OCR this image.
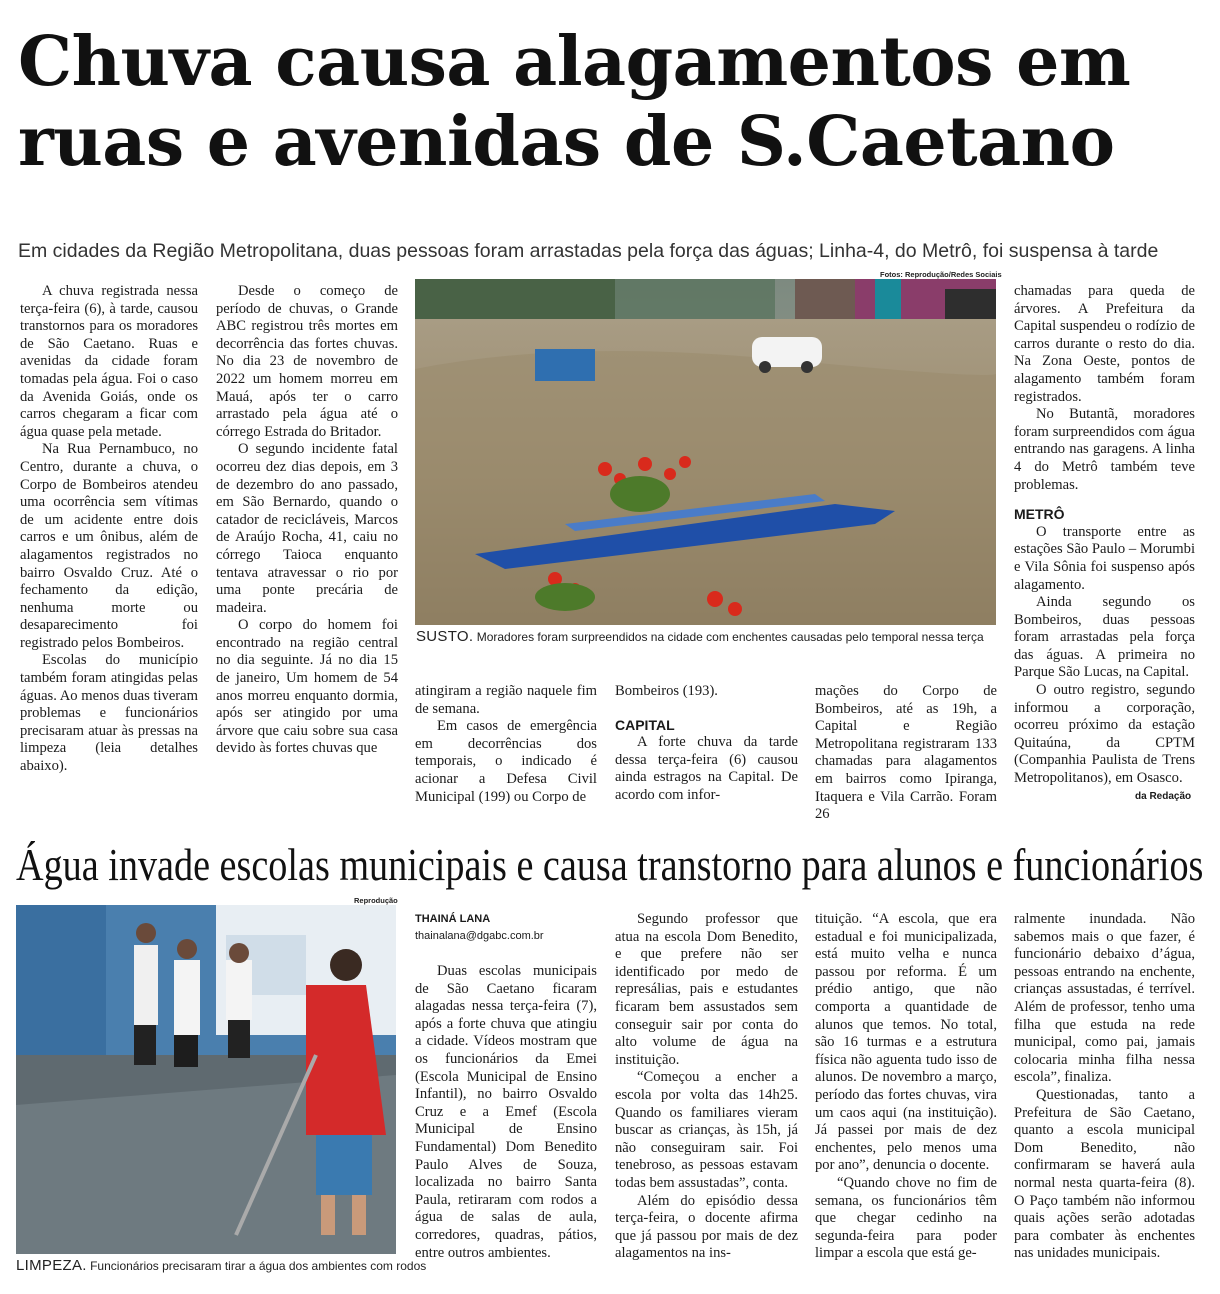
Chuva causa alagamentos em
ruas e avenidas de S.Caetano
Em cidades da Região Metropolitana, duas pessoas foram arrastadas pela força das águas; Linha-4, do Metrô, foi suspensa à tarde

A chuva registrada nessa terça-feira (6), à tarde, causou transtornos para os moradores de São Caetano. Ruas e avenidas da cidade foram tomadas pela água. Foi o caso da Avenida Goiás, onde os carros chegaram a ficar com água quase pela metade.

Na Rua Pernambuco, no Centro, durante a chuva, o Corpo de Bombeiros atendeu uma ocorrência sem vítimas de um acidente entre dois carros e um ônibus, além de alagamentos registrados no bairro Osvaldo Cruz. Até o fechamento da edição, nenhuma morte ou desaparecimento foi registrado pelos Bombeiros.

Escolas do município também foram atingidas pelas águas. Ao menos duas tiveram problemas e funcionários precisaram atuar às pressas na limpeza (leia detalhes abaixo).

Desde o começo de período de chuvas, o Grande ABC registrou três mortes em decorrência das fortes chuvas. No dia 23 de novembro de 2022 um homem morreu em Mauá, após ter o carro arrastado pela água até o córrego Estrada do Britador.

O segundo incidente fatal ocorreu dez dias depois, em 3 de dezembro do ano passado, em São Bernardo, quando o catador de recicláveis, Marcos de Araújo Rocha, 41, caiu no córrego Taioca enquanto tentava atravessar o rio por uma ponte precária de madeira.

O corpo do homem foi encontrado na região central no dia seguinte. Já no dia 15 de janeiro, Um homem de 54 anos morreu enquanto dormia, após ser atingido por uma árvore que caiu sobre sua casa devido às fortes chuvas que

Fotos: Reprodução/Redes Sociais
SUSTO. Moradores foram surpreendidos na cidade com enchentes causadas pelo temporal nessa terça

atingiram a região naquele fim de semana.

Em casos de emergência em decorrências dos temporais, o indicado é acionar a Defesa Civil Municipal (199) ou Corpo de

Bombeiros (193).

CAPITAL

A forte chuva da tarde dessa terça-feira (6) causou ainda estragos na Capital. De acordo com infor-

mações do Corpo de Bombeiros, até as 19h, a Capital e Região Metropolitana registraram 133 chamadas para alagamentos em bairros como Ipiranga, Itaquera e Vila Carrão. Foram 26

chamadas para queda de árvores. A Prefeitura da Capital suspendeu o rodízio de carros durante o resto do dia. Na Zona Oeste, pontos de alagamento também foram registrados.

No Butantã, moradores foram surpreendidos com água entrando nas garagens. A linha 4 do Metrô também teve problemas.

METRÔ

O transporte entre as estações São Paulo – Morumbi e Vila Sônia foi suspenso após alagamento.

Ainda segundo os Bombeiros, duas pessoas foram arrastadas pela força das águas. A primeira no Parque São Lucas, na Capital.

O outro registro, segundo informou a corporação, ocorreu próximo da estação Quitaúna, da CPTM (Companhia Paulista de Trens Metropolitanos), em Osasco.

da Redação
Água invade escolas municipais e causa transtorno para alunos e funcionários
Reprodução
LIMPEZA. Funcionários precisaram tirar a água dos ambientes com rodos
THAINÁ LANA
thainalana@dgabc.com.br

Duas escolas municipais de São Caetano ficaram alagadas nessa terça-feira (7), após a forte chuva que atingiu a cidade. Vídeos mostram que os funcionários da Emei (Escola Municipal de Ensino Infantil), no bairro Osvaldo Cruz e a Emef (Escola Municipal de Ensino Fundamental) Dom Benedito Paulo Alves de Souza, localizada no bairro Santa Paula, retiraram com rodos a água de salas de aula, corredores, quadras, pátios, entre outros ambientes.

Segundo professor que atua na escola Dom Benedito, e que prefere não ser identificado por medo de represálias, pais e estudantes ficaram bem assustados sem conseguir sair por conta do alto volume de água na instituição.

“Começou a encher a escola por volta das 14h25. Quando os familiares vieram buscar as crianças, às 15h, já não conseguiram sair. Foi tenebroso, as pessoas estavam todas bem assustadas”, conta.

Além do episódio dessa terça-feira, o docente afirma que já passou por mais de dez alagamentos na ins-

tituição. “A escola, que era estadual e foi municipalizada, está muito velha e nunca passou por reforma. É um prédio antigo, que não comporta a quantidade de alunos que temos. No total, são 16 turmas e a estrutura física não aguenta tudo isso de alunos. De novembro a março, período das fortes chuvas, vira um caos aqui (na instituição). Já passei por mais de dez enchentes, pelo menos uma por ano”, denuncia o docente.

“Quando chove no fim de semana, os funcionários têm que chegar cedinho na segunda-feira para poder limpar a escola que está ge-

ralmente inundada. Não sabemos mais o que fazer, é funcionário debaixo d’água, pessoas entrando na enchente, crianças assustadas, é terrível. Além de professor, tenho uma filha que estuda na rede municipal, como pai, jamais colocaria minha filha nessa escola”, finaliza.

Questionadas, tanto a Prefeitura de São Caetano, quanto a escola municipal Dom Benedito, não confirmaram se haverá aula normal nesta quarta-feira (8). O Paço também não informou quais ações serão adotadas para combater às enchentes nas unidades municipais.
